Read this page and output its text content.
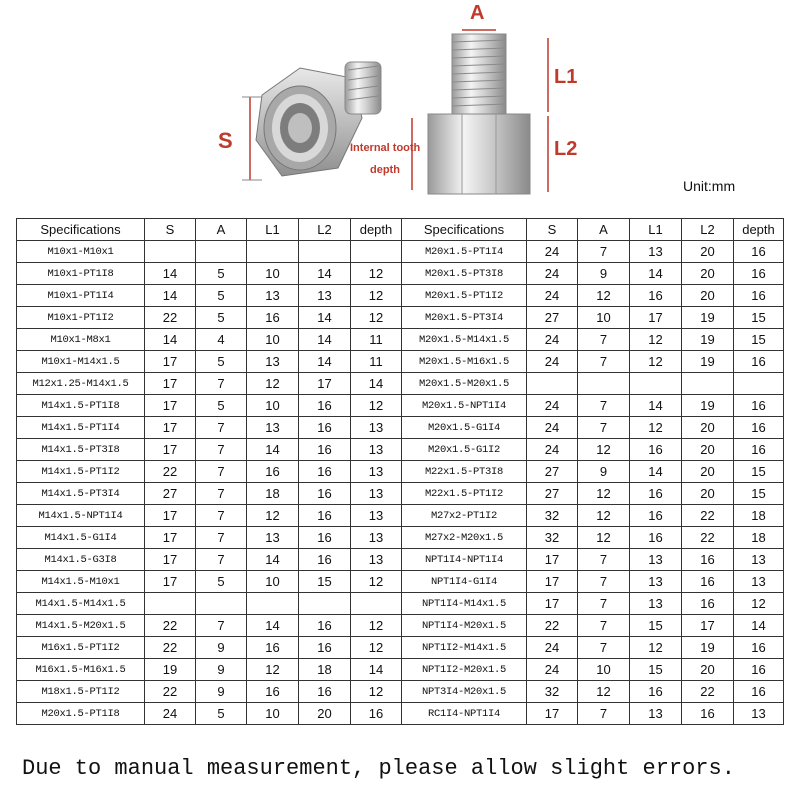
A
L1
L2
S	Internal tooth
depth
Unit:mm
Specifications	S	A	L1	L2	depth	Specifications	S	A	L1	L2	depth
M10x1-M10x1						M20x1.5-PT1I4	24	7	13	20	16
M10x1-PT1I8	14	5	10	14	12	M20x1.5-PT3I8	24	9	14	20	16
M10x1-PT1I4	14	5	13	13	12	M20x1.5-PT1I2	24	12	16	20	16
M10x1-PT1I2	22	5	16	14	12	M20x1.5-PT3I4	27	10	17	19	15
M10x1-M8x1	14	4	10	14	11	M20x1.5-M14x1.5	24	7	12	19	15
M10x1-M14x1.5	17	5	13	14	11	M20x1.5-M16x1.5	24	7	12	19	16
M12x1.25-M14x1.5	17	7	12	17	14	M20x1.5-M20x1.5					
M14x1.5-PT1I8	17	5	10	16	12	M20x1.5-NPT1I4	24	7	14	19	16
M14x1.5-PT1I4	17	7	13	16	13	M20x1.5-G1I4	24	7	12	20	16
M14x1.5-PT3I8	17	7	14	16	13	M20x1.5-G1I2	24	12	16	20	16
M14x1.5-PT1I2	22	7	16	16	13	M22x1.5-PT3I8	27	9	14	20	15
M14x1.5-PT3I4	27	7	18	16	13	M22x1.5-PT1I2	27	12	16	20	15
M14x1.5-NPT1I4	17	7	12	16	13	M27x2-PT1I2	32	12	16	22	18
M14x1.5-G1I4	17	7	13	16	13	M27x2-M20x1.5	32	12	16	22	18
M14x1.5-G3I8	17	7	14	16	13	NPT1I4-NPT1I4	17	7	13	16	13
M14x1.5-M10x1	17	5	10	15	12	NPT1I4-G1I4	17	7	13	16	13
M14x1.5-M14x1.5						NPT1I4-M14x1.5	17	7	13	16	12
M14x1.5-M20x1.5	22	7	14	16	12	NPT1I4-M20x1.5	22	7	15	17	14
M16x1.5-PT1I2	22	9	16	16	12	NPT1I2-M14x1.5	24	7	12	19	16
M16x1.5-M16x1.5	19	9	12	18	14	NPT1I2-M20x1.5	24	10	15	20	16
M18x1.5-PT1I2	22	9	16	16	12	NPT3I4-M20x1.5	32	12	16	22	16
M20x1.5-PT1I8	24	5	10	20	16	RC1I4-NPT1I4	17	7	13	16	13
Due to manual measurement, please allow slight errors.
